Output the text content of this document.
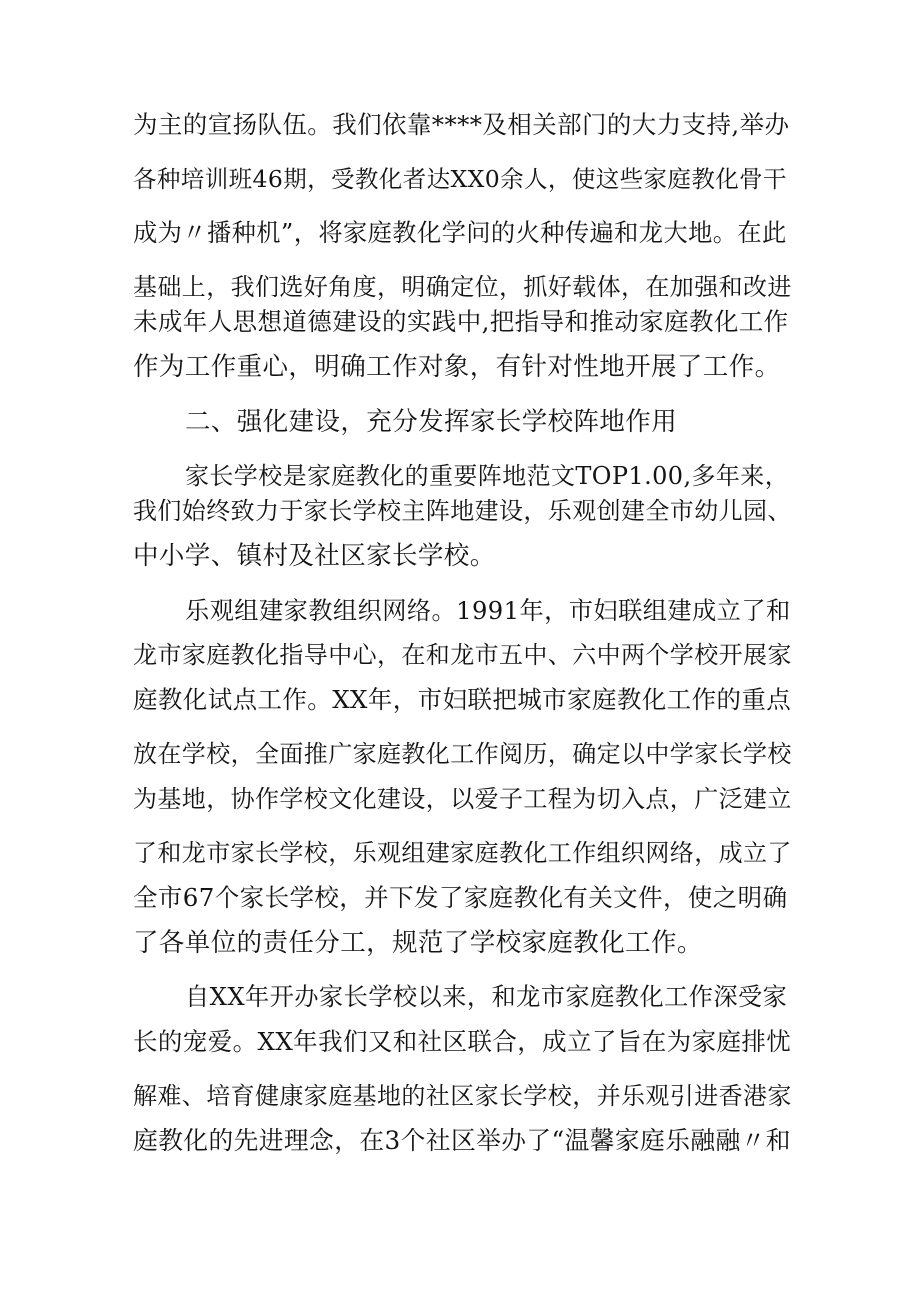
为主的宣扬队伍。我们依靠****及相关部门的大力支持,举办
各种培训班46期，受教化者达XX0余人，使这些家庭教化骨干
成为〃播种机”，将家庭教化学问的火种传遍和龙大地。在此
基础上，我们选好角度，明确定位，抓好载体，在加强和改进
未成年人思想道德建设的实践中,把指导和推动家庭教化工作
作为工作重心，明确工作对象，有针对性地开展了工作。
二、强化建设，充分发挥家长学校阵地作用
家长学校是家庭教化的重要阵地范文TOP1.00,多年来，
我们始终致力于家长学校主阵地建设，乐观创建全市幼儿园、
中小学、镇村及社区家长学校。
乐观组建家教组织网络。1991年，市妇联组建成立了和
龙市家庭教化指导中心，在和龙市五中、六中两个学校开展家
庭教化试点工作。XX年，市妇联把城市家庭教化工作的重点
放在学校，全面推广家庭教化工作阅历，确定以中学家长学校
为基地，协作学校文化建设，以爱子工程为切入点，广泛建立
了和龙市家长学校，乐观组建家庭教化工作组织网络，成立了
全市67个家长学校，并下发了家庭教化有关文件，使之明确
了各单位的责任分工，规范了学校家庭教化工作。
自XX年开办家长学校以来，和龙市家庭教化工作深受家
长的宠爱。XX年我们又和社区联合，成立了旨在为家庭排忧
解难、培育健康家庭基地的社区家长学校，并乐观引进香港家
庭教化的先进理念，在3个社区举办了“温馨家庭乐融融〃和
